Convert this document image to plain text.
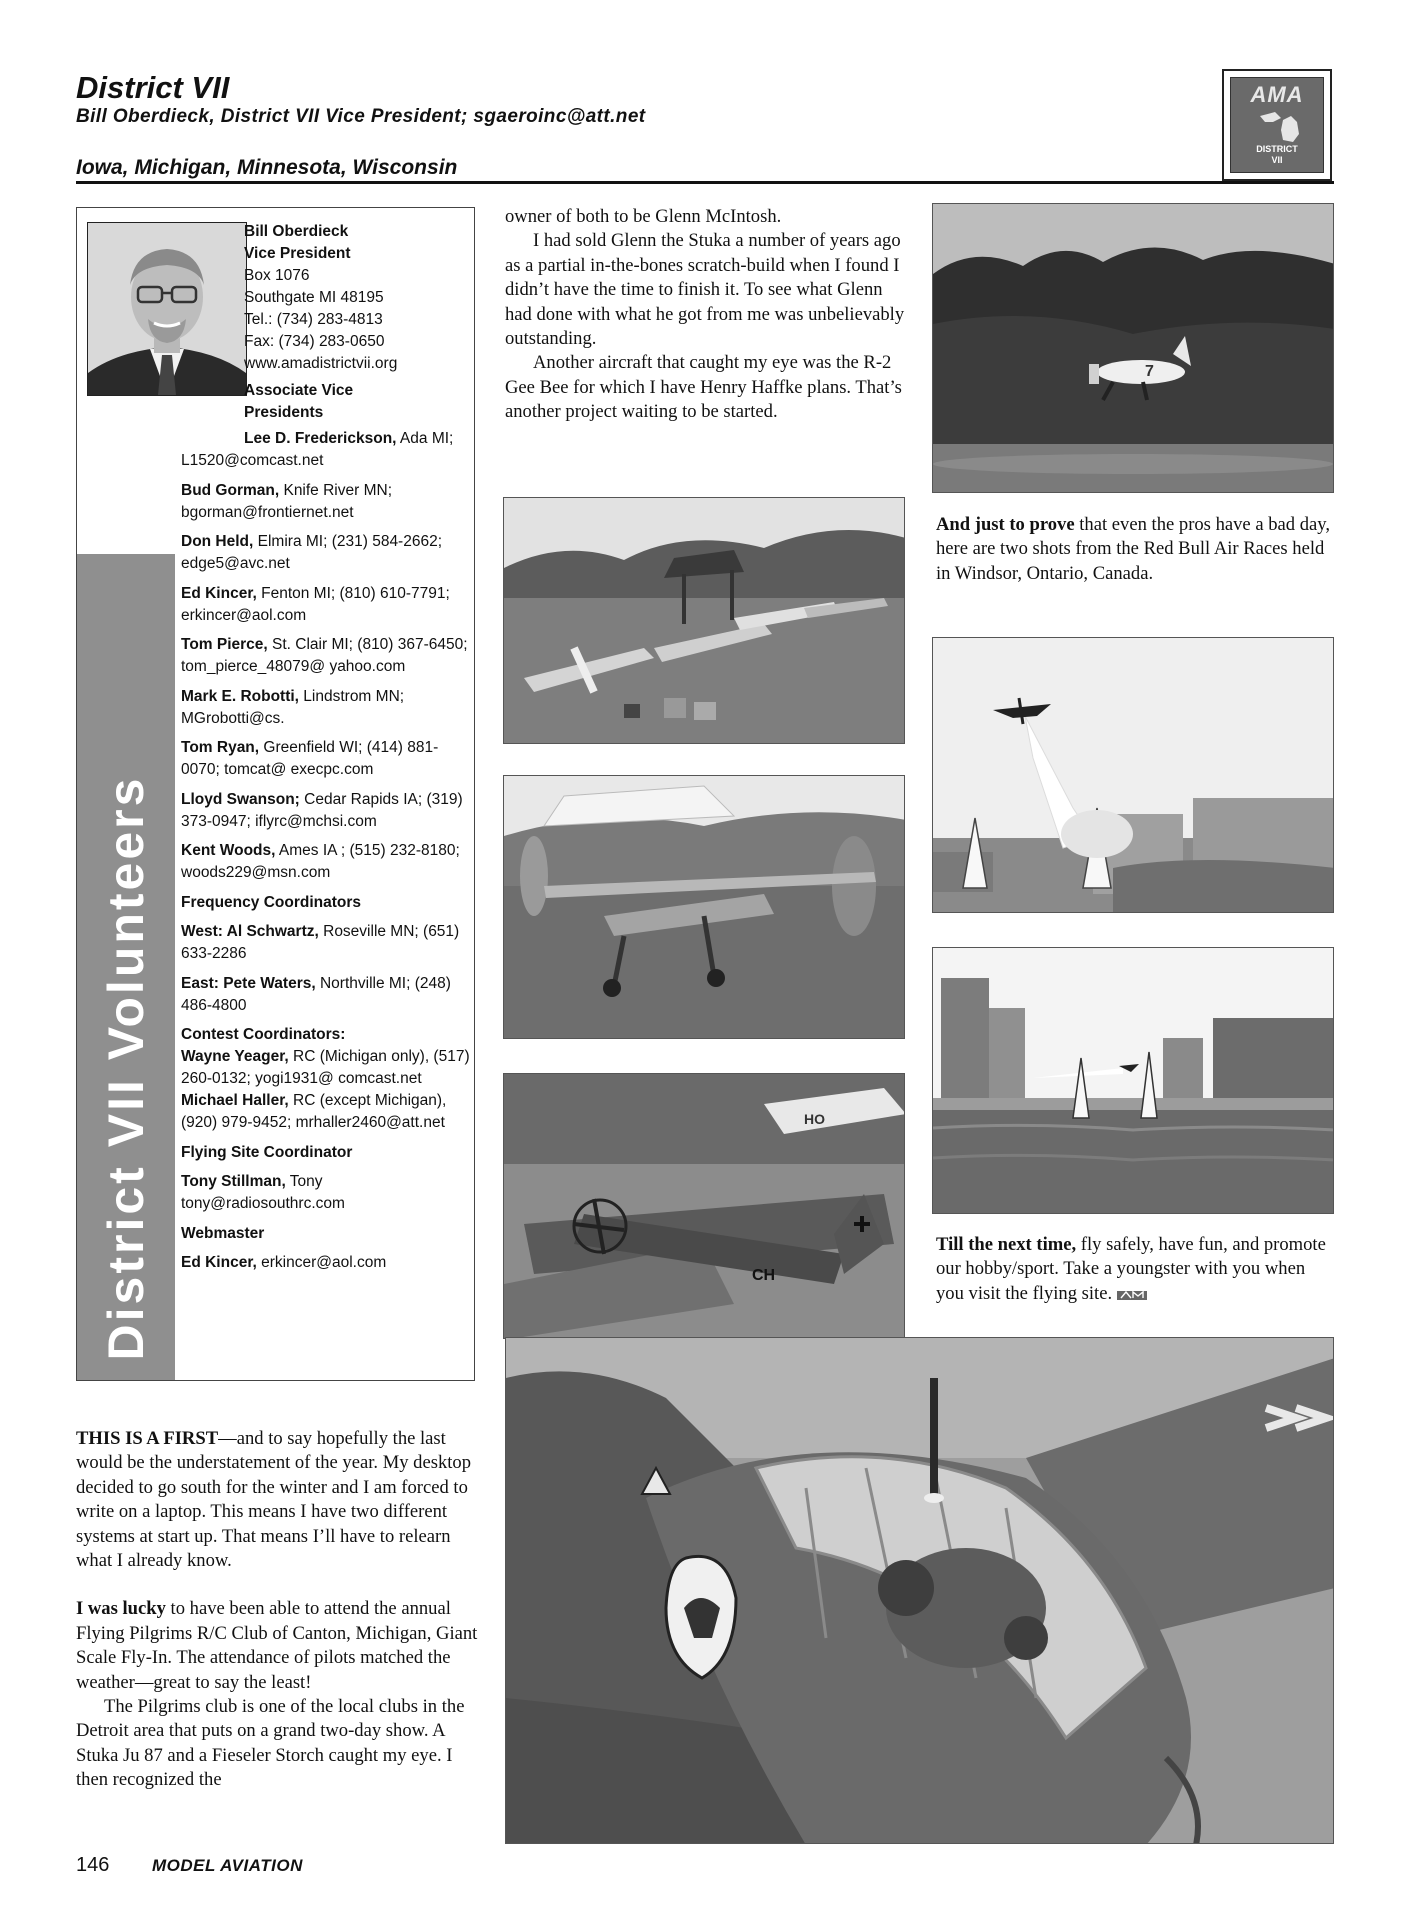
District VII
Bill Oberdieck, District VII Vice President; sgaeroinc@att.net
Iowa, Michigan, Minnesota, Wisconsin
AMA
DISTRICT
VII
District VII Volunteers
Bill Oberdieck
Vice President
Box 1076
Southgate MI 48195
Tel.: (734) 283-4813
Fax: (734) 283-0650
www.amadistrictvii.org
Associate Vice
Presidents

Lee D. Frederickson, Ada MI; L1520@comcast.net

Bud Gorman, Knife River MN; bgorman@frontiernet.net

Don Held, Elmira MI; (231) 584-2662; edge5@avc.net

Ed Kincer, Fenton MI; (810) 610-7791; erkincer@aol.com

Tom Pierce, St. Clair MI; (810) 367-6450; tom_pierce_48079@ yahoo.com

Mark E. Robotti, Lindstrom MN; MGrobotti@cs.

Tom Ryan, Greenfield WI; (414) 881-0070; tomcat@ execpc.com

Lloyd Swanson; Cedar Rapids IA; (319) 373-0947; iflyrc@mchsi.com

Kent Woods, Ames IA ; (515) 232-8180; woods229@msn.com

Frequency Coordinators

West: Al Schwartz, Roseville MN; (651) 633-2286

East: Pete Waters, Northville MI; (248) 486-4800

Contest Coordinators:

Wayne Yeager, RC (Michigan only), (517) 260-0132; yogi1931@ comcast.net

Michael Haller, RC (except Michigan), (920) 979-9452; mrhaller2460@att.net

Flying Site Coordinator

Tony Stillman, Tony tony@radiosouthrc.com

Webmaster

Ed Kincer, erkincer@aol.com

THIS IS A FIRST—and to say hopefully the last would be the understatement of the year. My desktop decided to go south for the winter and I am forced to write on a laptop. This means I have two different systems at start up. That means I’ll have to relearn what I already know.

I was lucky to have been able to attend the annual Flying Pilgrims R/C Club of Canton, Michigan, Giant Scale Fly-In. The attendance of pilots matched the weather—great to say the least!

The Pilgrims club is one of the local clubs in the Detroit area that puts on a grand two-day show. A Stuka Ju 87 and a Fieseler Storch caught my eye. I then recognized the

owner of both to be Glenn McIntosh.

I had sold Glenn the Stuka a number of years ago as a partial in-the-bones scratch-build when I found I didn’t have the time to finish it. To see what Glenn had done with what he got from me was unbelievably outstanding.

Another aircraft that caught my eye was the R-2 Gee Bee for which I have Henry Haffke plans. That’s another project waiting to be started.

7
And just to prove that even the pros have a bad day, here are two shots from the Red Bull Air Races held in Windsor, Ontario, Canada.
Till the next time, fly safely, have fun, and promote our hobby/sport. Take a youngster with you when you visit the flying site.
HO
CH
146	MODEL AVIATION
